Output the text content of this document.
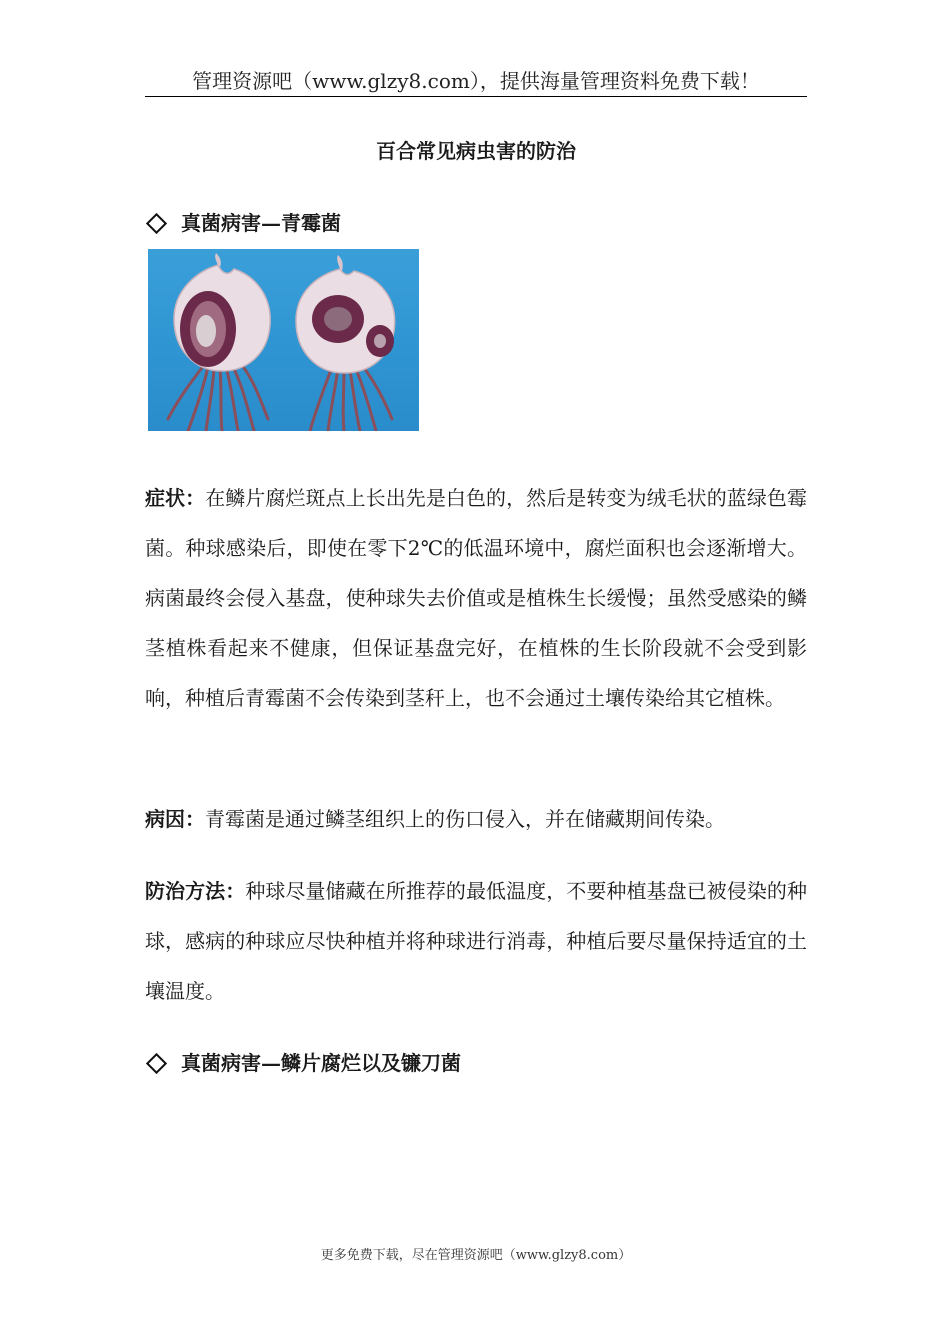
管理资源吧（www.glzy8.com），提供海量管理资料免费下载！
百合常见病虫害的防治
真菌病害—青霉菌

症状：在鳞片腐烂斑点上长出先是白色的，然后是转变为绒毛状的蓝绿色霉菌。种球感染后，即使在零下2℃的低温环境中，腐烂面积也会逐渐增大。病菌最终会侵入基盘，使种球失去价值或是植株生长缓慢；虽然受感染的鳞茎植株看起来不健康，但保证基盘完好，在植株的生长阶段就不会受到影响，种植后青霉菌不会传染到茎秆上，也不会通过土壤传染给其它植株。

病因：青霉菌是通过鳞茎组织上的伤口侵入，并在储藏期间传染。

防治方法：种球尽量储藏在所推荐的最低温度，不要种植基盘已被侵染的种球，感病的种球应尽快种植并将种球进行消毒，种植后要尽量保持适宜的土壤温度。

真菌病害—鳞片腐烂以及镰刀菌
更多免费下载，尽在管理资源吧（www.glzy8.com）
